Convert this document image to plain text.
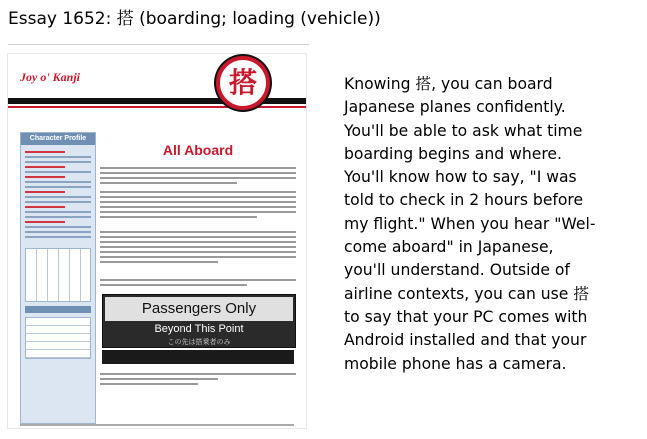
Essay 1652: 搭 (boarding; loading (vehicle))
Joy o' Kanji	搭
Character Profile
All Aboard
Passengers Only
Beyond This Point
この先は搭乗者のみ
Knowing 搭, you can board
Japanese planes confidently.
You'll be able to ask what time
boarding begins and where.
You'll know how to say, "I was
told to check in 2 hours before
my flight." When you hear "Wel-
come aboard" in Japanese,
you'll understand. Outside of
airline contexts, you can use 搭
to say that your PC comes with
Android installed and that your
mobile phone has a camera.
